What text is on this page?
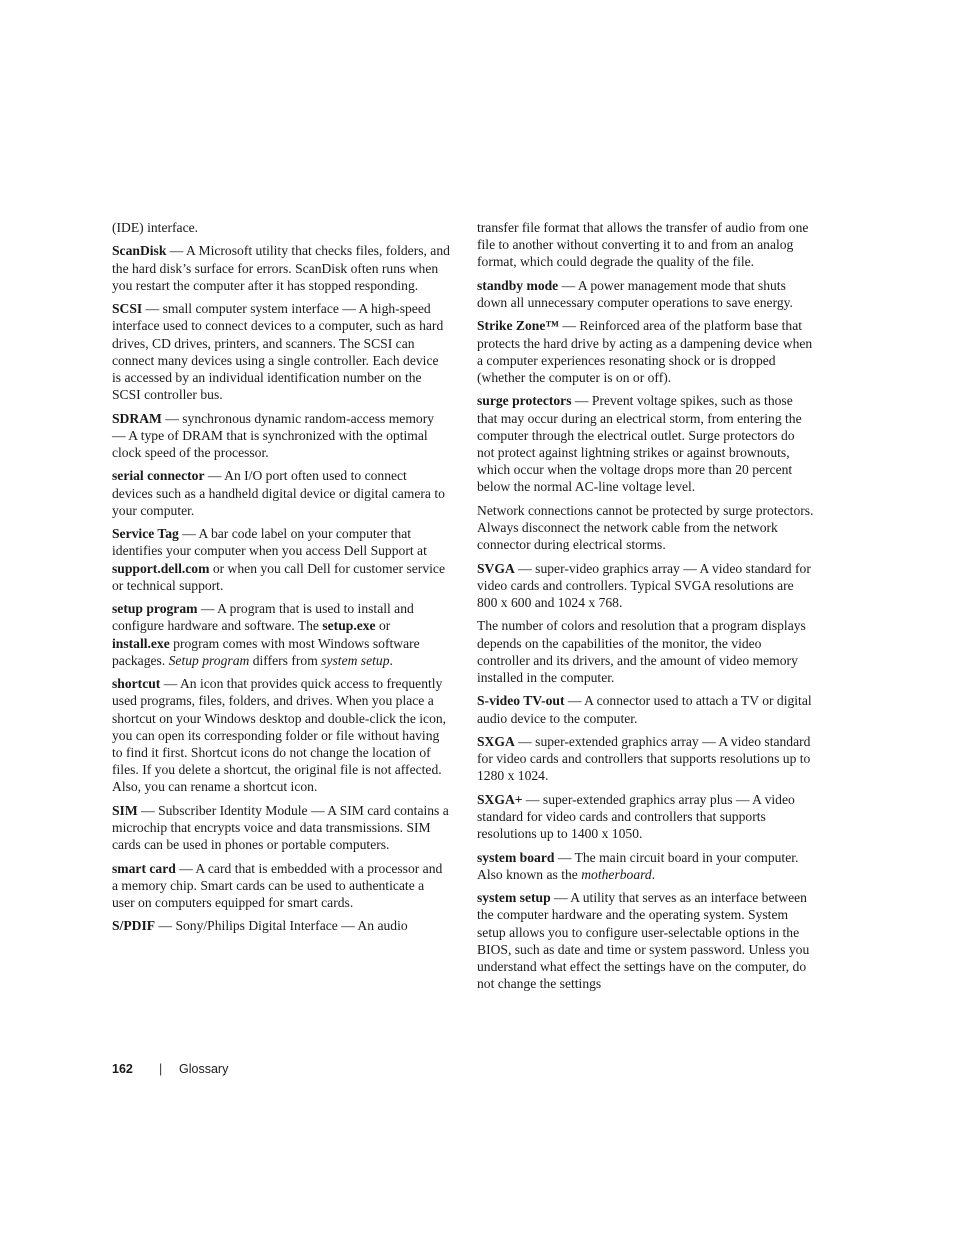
(IDE) interface.

ScanDisk — A Microsoft utility that checks files, folders, and the hard disk’s surface for errors. ScanDisk often runs when you restart the computer after it has stopped responding.

SCSI — small computer system interface — A high-speed interface used to connect devices to a computer, such as hard drives, CD drives, printers, and scanners. The SCSI can connect many devices using a single controller. Each device is accessed by an individual identification number on the SCSI controller bus.

SDRAM — synchronous dynamic random-access memory — A type of DRAM that is synchronized with the optimal clock speed of the processor.

serial connector — An I/O port often used to connect devices such as a handheld digital device or digital camera to your computer.

Service Tag — A bar code label on your computer that identifies your computer when you access Dell Support at support.dell.com or when you call Dell for customer service or technical support.

setup program — A program that is used to install and configure hardware and software. The setup.exe or install.exe program comes with most Windows software packages. Setup program differs from system setup.

shortcut — An icon that provides quick access to frequently used programs, files, folders, and drives. When you place a shortcut on your Windows desktop and double-click the icon, you can open its corresponding folder or file without having to find it first. Shortcut icons do not change the location of files. If you delete a shortcut, the original file is not affected. Also, you can rename a shortcut icon.

SIM — Subscriber Identity Module — A SIM card contains a microchip that encrypts voice and data transmissions. SIM cards can be used in phones or portable computers.

smart card — A card that is embedded with a processor and a memory chip. Smart cards can be used to authenticate a user on computers equipped for smart cards.

S/PDIF — Sony/Philips Digital Interface — An audio

transfer file format that allows the transfer of audio from one file to another without converting it to and from an analog format, which could degrade the quality of the file.

standby mode — A power management mode that shuts down all unnecessary computer operations to save energy.

Strike Zone™ — Reinforced area of the platform base that protects the hard drive by acting as a dampening device when a computer experiences resonating shock or is dropped (whether the computer is on or off).

surge protectors — Prevent voltage spikes, such as those that may occur during an electrical storm, from entering the computer through the electrical outlet. Surge protectors do not protect against lightning strikes or against brownouts, which occur when the voltage drops more than 20 percent below the normal AC-line voltage level.

Network connections cannot be protected by surge protectors. Always disconnect the network cable from the network connector during electrical storms.

SVGA — super-video graphics array — A video standard for video cards and controllers. Typical SVGA resolutions are 800 x 600 and 1024 x 768.

The number of colors and resolution that a program displays depends on the capabilities of the monitor, the video controller and its drivers, and the amount of video memory installed in the computer.

S-video TV-out — A connector used to attach a TV or digital audio device to the computer.

SXGA — super-extended graphics array — A video standard for video cards and controllers that supports resolutions up to 1280 x 1024.

SXGA+ — super-extended graphics array plus — A video standard for video cards and controllers that supports resolutions up to 1400 x 1050.

system board — The main circuit board in your computer. Also known as the motherboard.

system setup — A utility that serves as an interface between the computer hardware and the operating system. System setup allows you to configure user-selectable options in the BIOS, such as date and time or system password. Unless you understand what effect the settings have on the computer, do not change the settings

162 | Glossary
